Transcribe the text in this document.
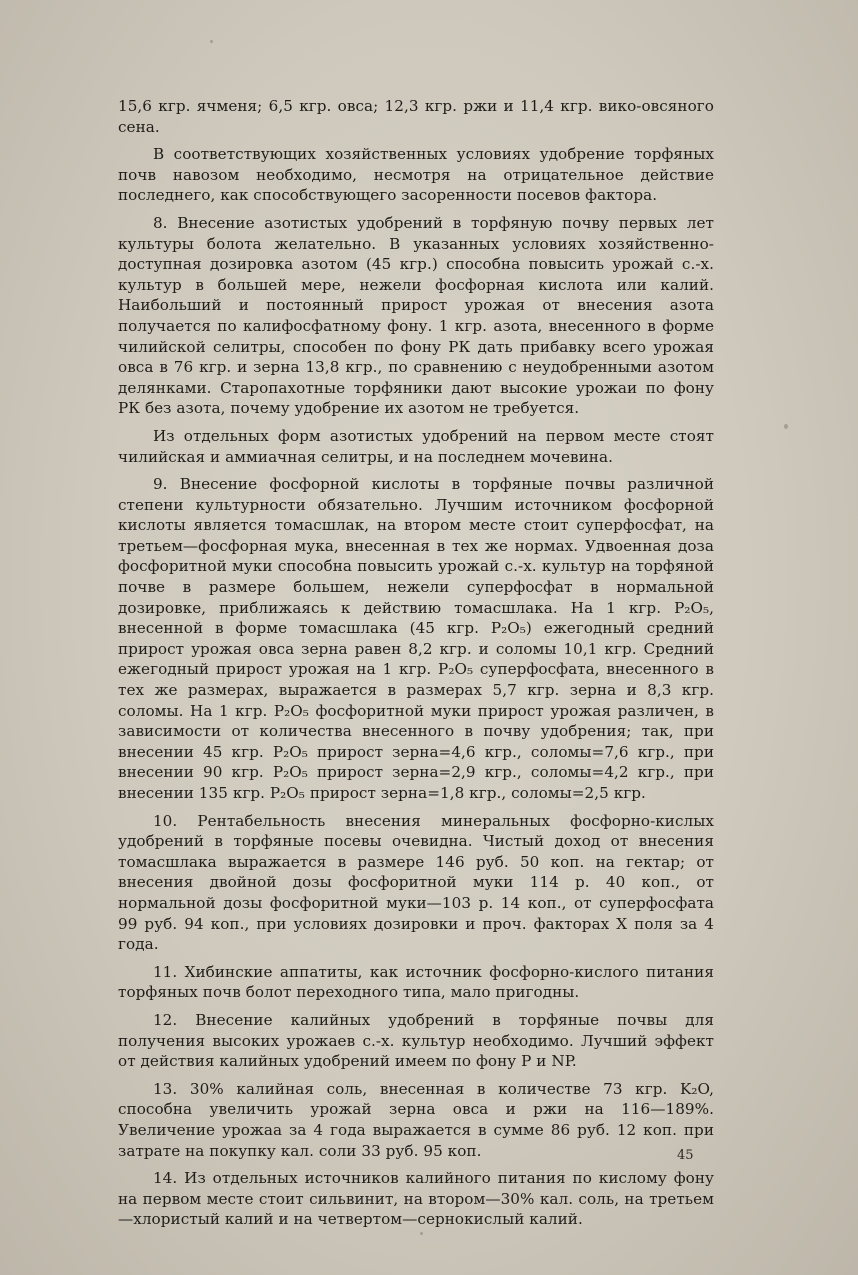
15,6 кгр. ячменя; 6,5 кгр. овса; 12,3 кгр. ржи и 11,4 кгр. вико-овсяного сена.

В соответствующих хозяйственных условиях удобрение торфяных почв навозом необходимо, несмотря на отрицательное действие последнего, как способствующего засоренности посевов фактора.

8. Внесение азотистых удобрений в торфяную почву первых лет культуры болота желательно. В указанных условиях хозяйственно-доступная дозировка азотом (45 кгр.) способна повысить урожай с.-х. культур в большей мере, нежели фосфорная кислота или калий. Наибольший и постоянный прирост урожая от внесения азота получается по калифосфатному фону. 1 кгр. азота, внесенного в форме чилийской селитры, способен по фону РК дать прибавку всего урожая овса в 76 кгр. и зерна 13,8 кгр., по сравнению с неудобренными азотом делянками. Старопахотные торфяники дают высокие урожаи по фону РК без азота, почему удобрение их азотом не требуется.

Из отдельных форм азотистых удобрений на первом месте стоят чилийская и аммиачная селитры, и на последнем мочевина.

9. Внесение фосфорной кислоты в торфяные почвы различной степени культурности обязательно. Лучшим источником фосфорной кислоты является томасшлак, на втором месте стоит суперфосфат, на третьем—фосфорная мука, внесенная в тех же нормах. Удвоенная доза фосфоритной муки способна повысить урожай с.-х. культур на торфяной почве в размере большем, нежели суперфосфат в нормальной дозировке, приближаясь к действию томасшлака. На 1 кгр. P₂O₅, внесенной в форме томасшлака (45 кгр. P₂O₅) ежегодный средний прирост урожая овса зерна равен 8,2 кгр. и соломы 10,1 кгр. Средний ежегодный прирост урожая на 1 кгр. P₂O₅ суперфосфата, внесенного в тех же размерах, выражается в размерах 5,7 кгр. зерна и 8,3 кгр. соломы. На 1 кгр. P₂O₅ фосфоритной муки прирост урожая различен, в зависимости от количества внесенного в почву удобрения; так, при внесении 45 кгр. P₂O₅ прирост зерна=4,6 кгр., соломы=7,6 кгр., при внесении 90 кгр. P₂O₅ прирост зерна=2,9 кгр., соломы=4,2 кгр., при внесении 135 кгр. P₂O₅ прирост зерна=1,8 кгр., соломы=2,5 кгр.

10. Рентабельность внесения минеральных фосфорно-кислых удобрений в торфяные посевы очевидна. Чистый доход от внесения томасшлака выражается в размере 146 руб. 50 коп. на гектар; от внесения двойной дозы фосфоритной муки 114 р. 40 коп., от нормальной дозы фосфоритной муки—103 р. 14 коп., от суперфосфата 99 руб. 94 коп., при условиях дозировки и проч. факторах X поля за 4 года.

11. Хибинские аппатиты, как источник фосфорно-кислого питания торфяных почв болот переходного типа, мало пригодны.

12. Внесение калийных удобрений в торфяные почвы для получения высоких урожаев с.-х. культур необходимо. Лучший эффект от действия калийных удобрений имеем по фону P и NP.

13. 30% калийная соль, внесенная в количестве 73 кгр. K₂O, способна увеличить урожай зерна овса и ржи на 116—189%. Увеличение урожаа за 4 года выражается в сумме 86 руб. 12 коп. при затрате на покупку кал. соли 33 руб. 95 коп.

14. Из отдельных источников калийного питания по кислому фону на первом месте стоит сильвинит, на втором—30% кал. соль, на третьем—хлористый калий и на четвертом—сернокислый калий.

45
